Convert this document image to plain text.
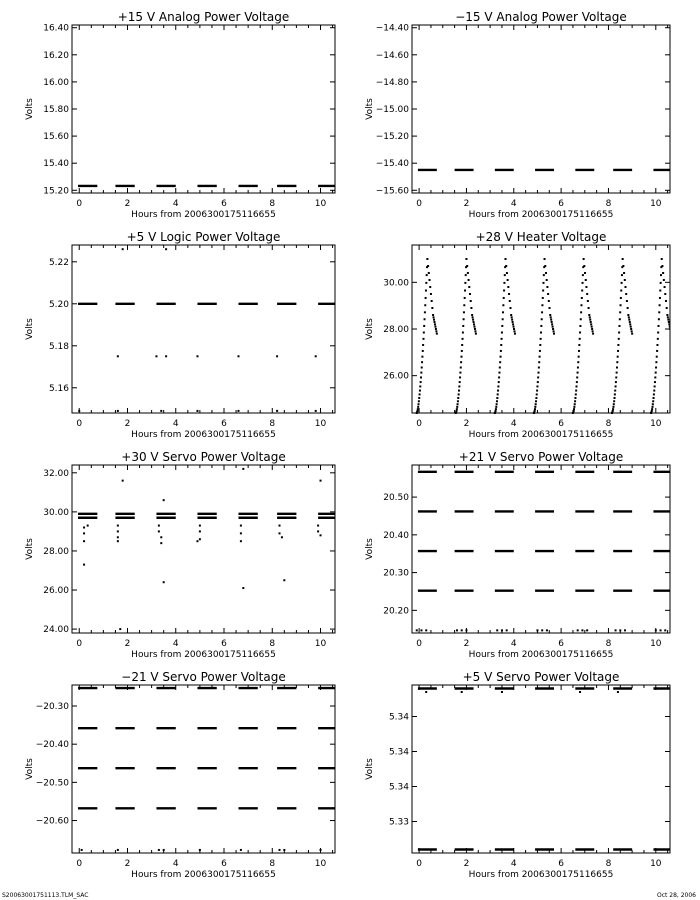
+15 V Analog Power Voltage
0	2	4	6	8	10
15.20
15.40
15.60
15.80
16.00
16.20
16.40
Hours from 2006300175116655
Volts
−15 V Analog Power Voltage
0	2	4	6	8	10
−15.60
−15.40
−15.20
−15.00
−14.80
−14.60
−14.40
Hours from 2006300175116655
Volts
+5 V Logic Power Voltage
0	2	4	6	8	10
5.16
5.18
5.20
5.22
Hours from 2006300175116655
Volts
+28 V Heater Voltage
0	2	4	6	8	10
26.00
28.00
30.00
Hours from 2006300175116655
Volts
+30 V Servo Power Voltage
0	2	4	6	8	10
24.00
26.00
28.00
30.00
32.00
Hours from 2006300175116655
Volts
+21 V Servo Power Voltage
0	2	4	6	8	10
20.20
20.30
20.40
20.50
Hours from 2006300175116655
Volts
−21 V Servo Power Voltage
0	2	4	6	8	10
−20.60
−20.50
−20.40
−20.30
Hours from 2006300175116655
Volts
+5 V Servo Power Voltage
0	2	4	6	8	10
5.33
5.34
5.34
5.34
Hours from 2006300175116655
Volts
S20063001751113.TLM_SAC	Oct 28, 2006
